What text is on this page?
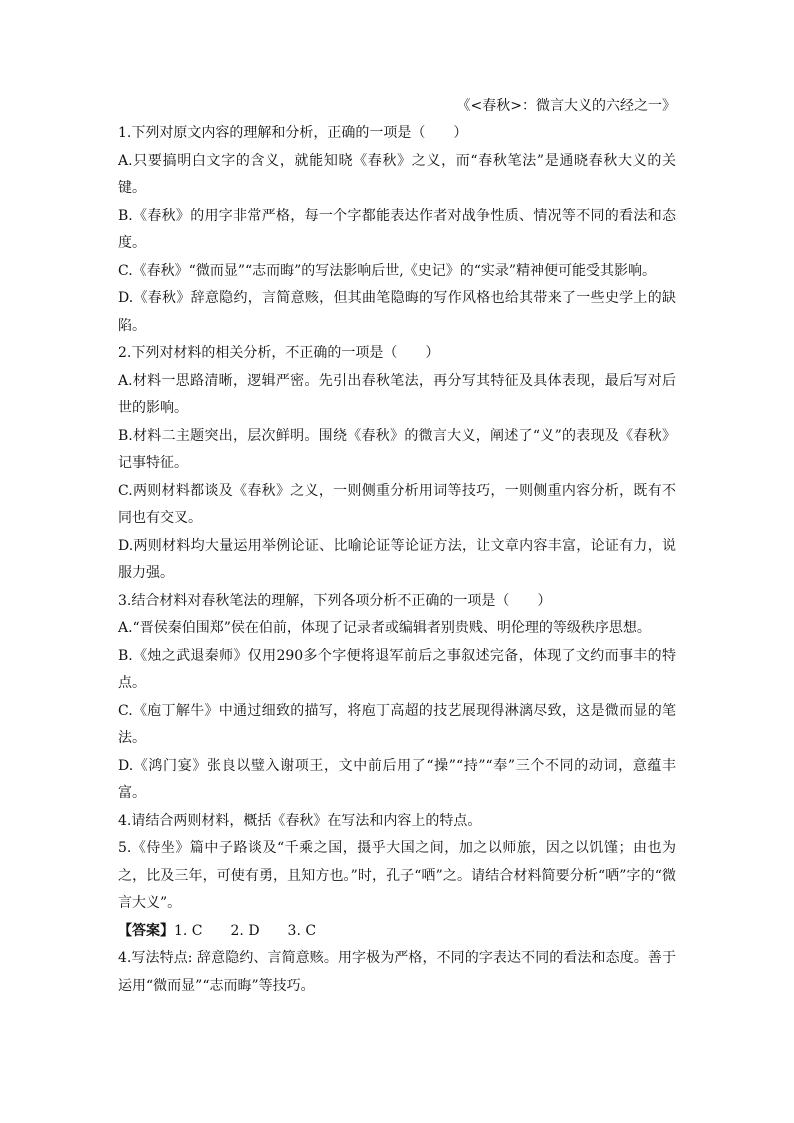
《<春秋>：微言大义的六经之一》

1.下列对原文内容的理解和分析，正确的一项是（　　）

A.只要搞明白文字的含义，就能知晓《春秋》之义，而“春秋笔法”是通晓春秋大义的关键。

B.《春秋》的用字非常严格，每一个字都能表达作者对战争性质、情况等不同的看法和态度。

C.《春秋》“微而显”“志而晦”的写法影响后世,《史记》的“实录”精神便可能受其影响。

D.《春秋》辞意隐约，言简意赅，但其曲笔隐晦的写作风格也给其带来了一些史学上的缺陷。

2.下列对材料的相关分析，不正确的一项是（　　）

A.材料一思路清晰，逻辑严密。先引出春秋笔法，再分写其特征及具体表现，最后写对后世的影响。

B.材料二主题突出，层次鲜明。围绕《春秋》的微言大义，阐述了“义”的表现及《春秋》记事特征。

C.两则材料都谈及《春秋》之义，一则侧重分析用词等技巧，一则侧重内容分析，既有不同也有交叉。

D.两则材料均大量运用举例论证、比喻论证等论证方法，让文章内容丰富，论证有力，说服力强。

3.结合材料对春秋笔法的理解，下列各项分析不正确的一项是（　　）

A.“晋侯秦伯围郑”侯在伯前，体现了记录者或编辑者别贵贱、明伦理的等级秩序思想。

B.《烛之武退秦师》仅用290多个字便将退军前后之事叙述完备，体现了文约而事丰的特点。

C.《庖丁解牛》中通过细致的描写，将庖丁高超的技艺展现得淋漓尽致，这是微而显的笔法。

D.《鸿门宴》张良以璧入谢项王，文中前后用了“操”“持”“奉”三个不同的动词，意蕴丰富。

4.请结合两则材料，概括《春秋》在写法和内容上的特点。

5.《侍坐》篇中子路谈及“千乘之国，摄乎大国之间，加之以师旅，因之以饥馑；由也为之，比及三年，可使有勇，且知方也。”时，孔子“哂”之。请结合材料简要分析“哂”字的“微言大义”。

【答案】1. C　　2. D　　3. C

4.写法特点: 辞意隐约、言简意赅。用字极为严格，不同的字表达不同的看法和态度。善于运用“微而显”“志而晦”等技巧。
